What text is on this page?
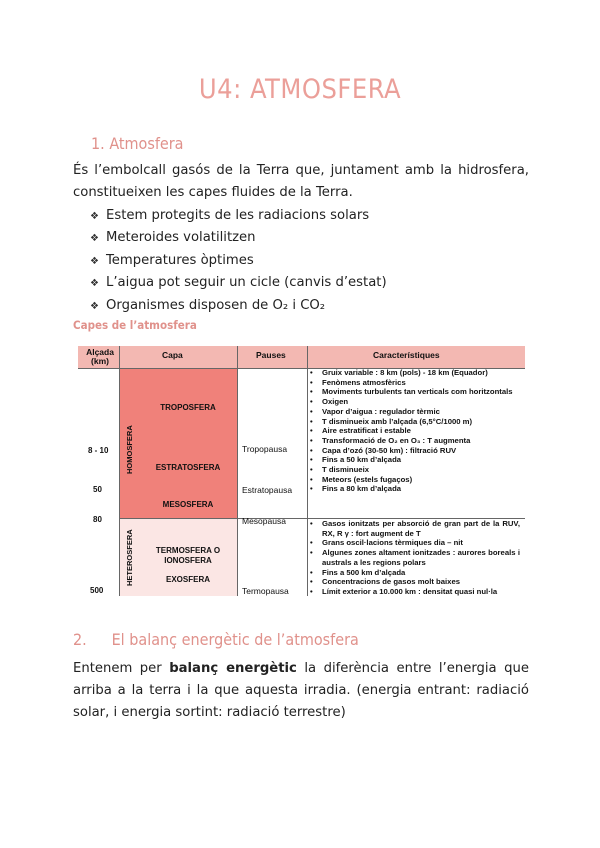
U4: ATMOSFERA
1. Atmosfera

És l’embolcall gasós de la Terra que, juntament amb la hidrosfera, constitueixen les capes fluides de la Terra.

❖ Estem protegits de les radiacions solars
❖ Meteroides volatilitzen
❖ Temperatures òptimes
❖ L’aigua pot seguir un cicle (canvis d’estat)
❖ Organismes disposen de O₂ i CO₂
Capes de l’atmosfera
Alçada (km)
Capa	Pauses	Característiques
HOMOSFERA
HETEROSFERA
TROPOSFERA
ESTRATOSFERA
MESOSFERA
TERMOSFERA O IONOSFERA
EXOSFERA
8 - 10
50
80
500
Tropopausa
Estratopausa
Mesopausa
Termopausa
• Gruix variable : 8 km (pols) - 18 km (Equador)
• Fenòmens atmosfèrics
• Moviments turbulents tan verticals com horitzontals
• Oxigen
• Vapor d’aigua : regulador tèrmic
• T disminueix amb l’alçada (6,5°C/1000 m)
• Aire estratificat i estable
• Transformació de O₂ en O₃ : T augmenta
• Capa d’ozó (30-50 km) : filtració RUV
• Fins a 50 km d’alçada
• T disminueix
• Meteors (estels fugaços)
• Fins a 80 km d’alçada
• Gasos ionitzats per absorció de gran part de la RUV, RX, R γ : fort augment de T
• Grans oscil·lacions tèrmiques dia – nit
• Algunes zones altament ionitzades : aurores boreals i australs a les regions polars
• Fins a 500 km d’alçada
• Concentracions de gasos molt baixes
• Límit exterior a 10.000 km : densitat quasi nul·la
2. El balanç energètic de l’atmosfera

Entenem per balanç energètic la diferència entre l’energia que arriba a la terra i la que aquesta irradia. (energia entrant: radiació solar, i energia sortint: radiació terrestre)
